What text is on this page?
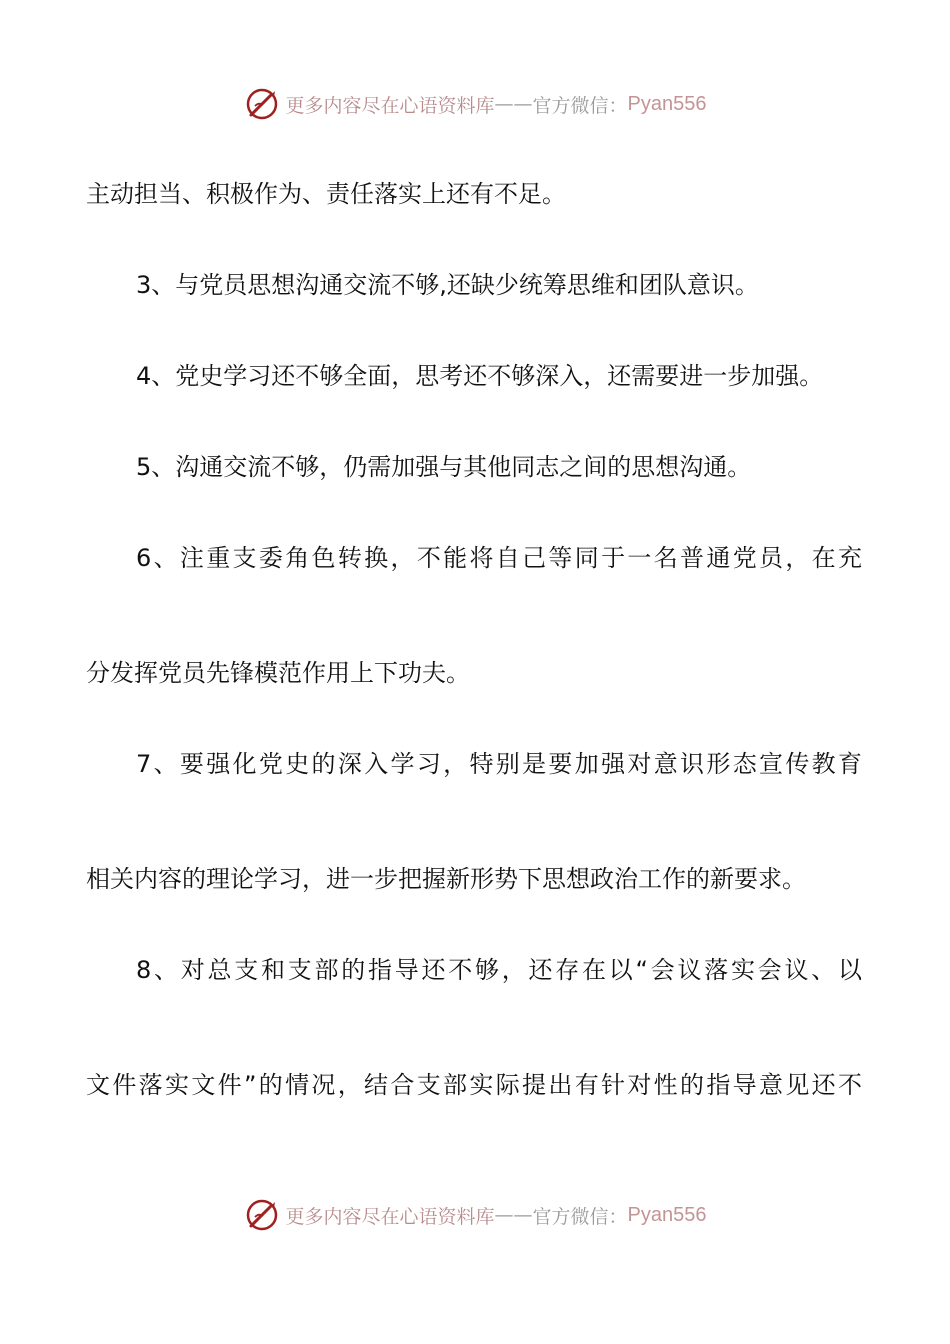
更多内容尽在心语资料库 —— 官方微信： Pyan556
主动担当、积极作为、责任落实上还有不足。
3、与党员思想沟通交流不够,还缺少统筹思维和团队意识。
4、党史学习还不够全面，思考还不够深入，还需要进一步加强。
5、沟通交流不够，仍需加强与其他同志之间的思想沟通。
6、注重支委角色转换，不能将自己等同于一名普通党员，在充
分发挥党员先锋模范作用上下功夫。
7、要强化党史的深入学习，特别是要加强对意识形态宣传教育
相关内容的理论学习，进一步把握新形势下思想政治工作的新要求。
8、对总支和支部的指导还不够，还存在以“会议落实会议、以
文件落实文件”的情况，结合支部实际提出有针对性的指导意见还不
更多内容尽在心语资料库 —— 官方微信： Pyan556
